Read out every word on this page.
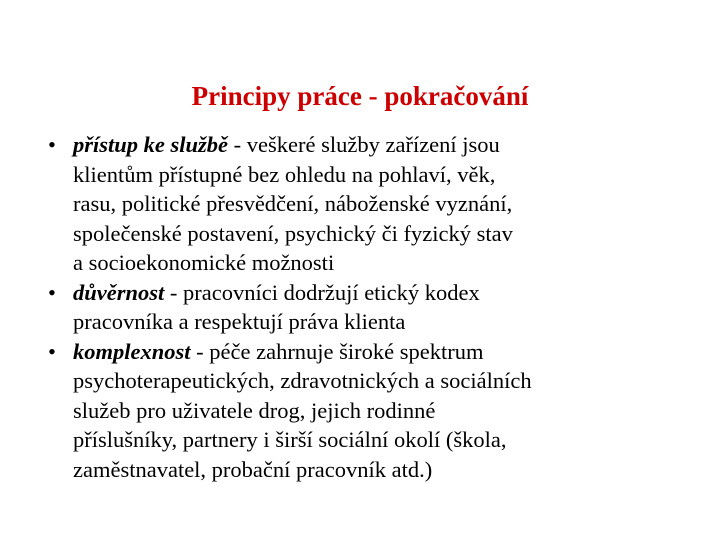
Principy práce - pokračování
• přístup ke službě - veškeré služby zařízení jsou
klientům přístupné bez ohledu na pohlaví, věk,
rasu, politické přesvědčení, náboženské vyznání,
společenské postavení, psychický či fyzický stav
a socioekonomické možnosti
• důvěrnost - pracovníci dodržují etický kodex
pracovníka a respektují práva klienta
• komplexnost - péče zahrnuje široké spektrum
psychoterapeutických, zdravotnických a sociálních
služeb pro uživatele drog, jejich rodinné
příslušníky, partnery i širší sociální okolí (škola,
zaměstnavatel, probační pracovník atd.)
